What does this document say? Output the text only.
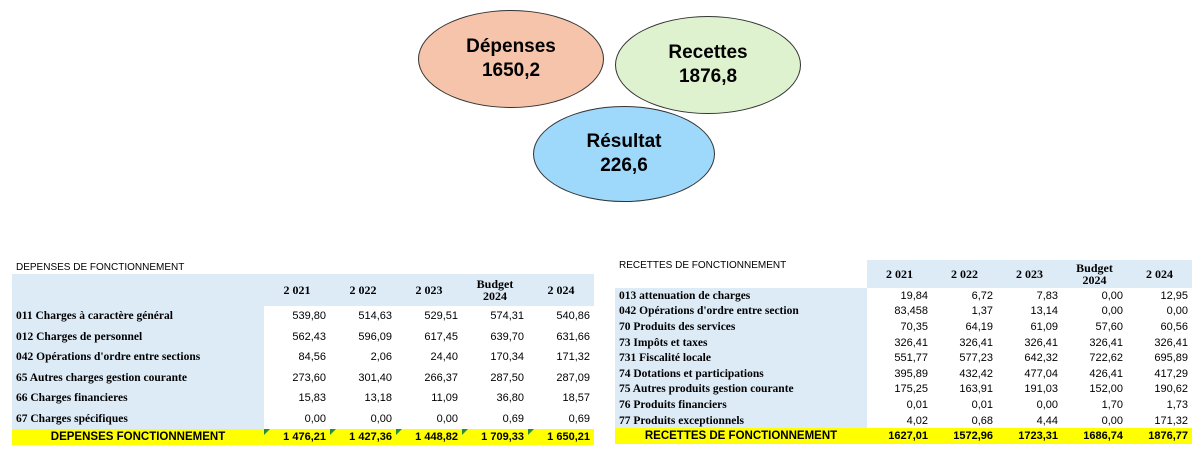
Dépenses
1650,2
Recettes
1876,8
Résultat
226,6
DEPENSES DE FONCTIONNEMENT					
	2 021	2 022	2 023	Budget 2024	2 024
011 Charges à caractère général	539,80	514,63	529,51	574,31	540,86
012 Charges de personnel	562,43	596,09	617,45	639,70	631,66
042 Opérations d'ordre entre sections	84,56	2,06	24,40	170,34	171,32
65 Autres charges gestion courante	273,60	301,40	266,37	287,50	287,09
66 Charges financieres	15,83	13,18	11,09	36,80	18,57
67 Charges spécifiques	0,00	0,00	0,00	0,69	0,69
DEPENSES FONCTIONNEMENT	1 476,21	1 427,36	1 448,82	1 709,33	1 650,21
RECETTES DE FONCTIONNEMENT	2 021	2 022	2 023	Budget 2024	2 024
013 attenuation de charges	19,84	6,72	7,83	0,00	12,95
042 Opérations d'ordre entre section	83,458	1,37	13,14	0,00	0,00
70 Produits des services	70,35	64,19	61,09	57,60	60,56
73 Impôts et taxes	326,41	326,41	326,41	326,41	326,41
731 Fiscalité locale	551,77	577,23	642,32	722,62	695,89
74 Dotations et participations	395,89	432,42	477,04	426,41	417,29
75 Autres produits gestion courante	175,25	163,91	191,03	152,00	190,62
76 Produits financiers	0,01	0,01	0,00	1,70	1,73
77 Produits exceptionnels	4,02	0,68	4,44	0,00	171,32
RECETTES DE FONCTIONNEMENT	1627,01	1572,96	1723,31	1686,74	1876,77
